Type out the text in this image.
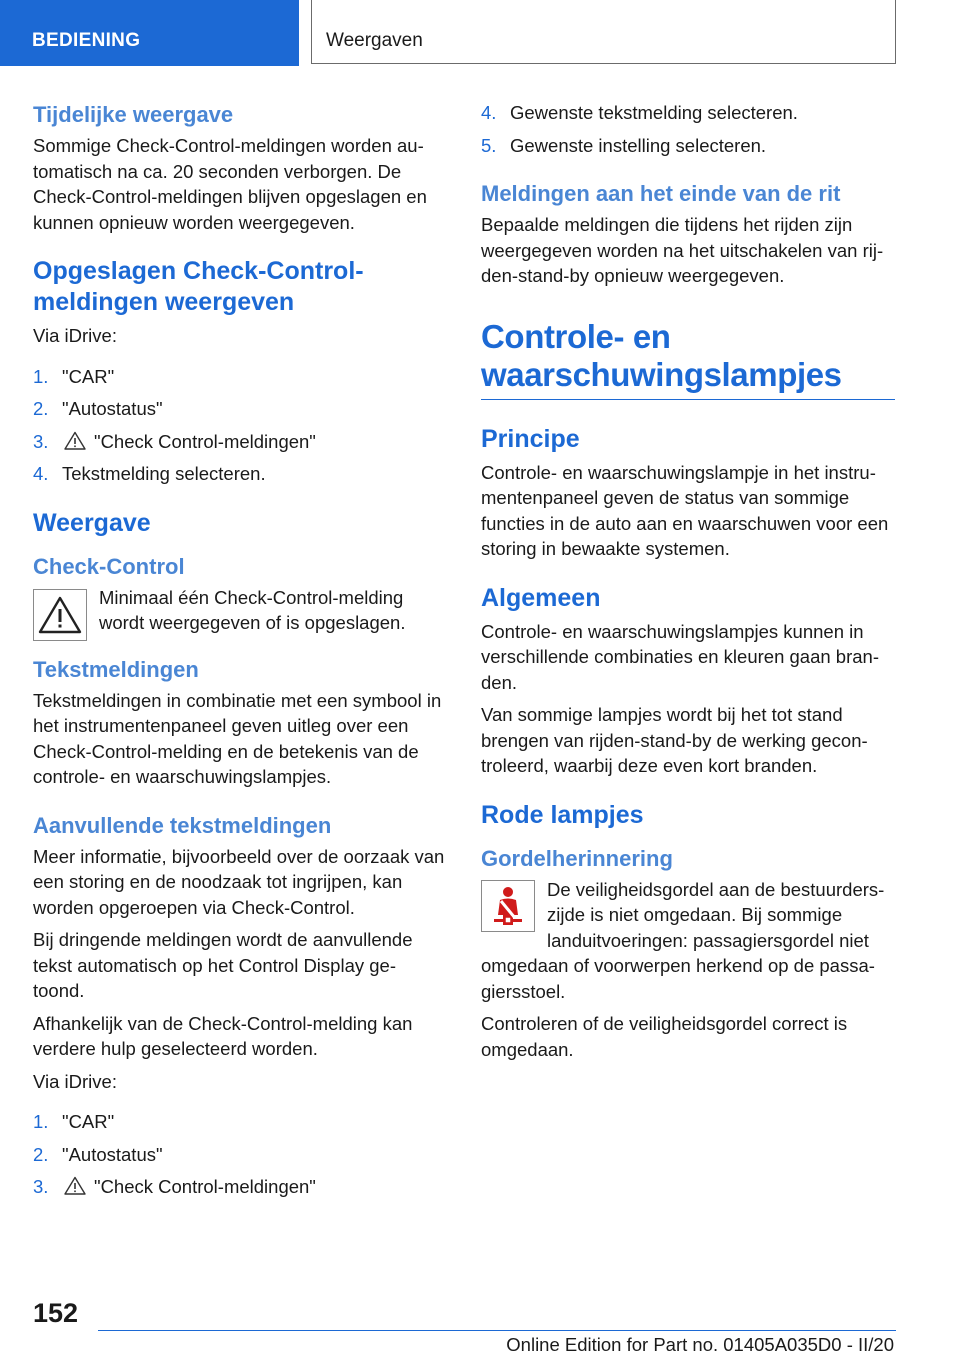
BEDIENING	Weergaven
Tijdelijke weergave

Sommige Check-Control-meldingen worden au-tomatisch na ca. 20 seconden verborgen. De Check-Control-meldingen blijven opgeslagen en kunnen opnieuw worden weergegeven.

Opgeslagen Check-Control-meldingen weergeven

Via iDrive:

1. "CAR"
2. "Autostatus"
3. "Check Control-meldingen"
4. Tekstmelding selecteren.
Weergave
Check-Control

Minimaal één Check-Control-melding wordt weergegeven of is opgeslagen.

Tekstmeldingen

Tekstmeldingen in combinatie met een symbool in het instrumentenpaneel geven uitleg over een Check-Control-melding en de betekenis van de controle- en waarschuwingslampjes.

Aanvullende tekstmeldingen

Meer informatie, bijvoorbeeld over de oorzaak van een storing en de noodzaak tot ingrijpen, kan worden opgeroepen via Check-Control.

Bij dringende meldingen wordt de aanvullende tekst automatisch op het Control Display ge-toond.

Afhankelijk van de Check-Control-melding kan verdere hulp geselecteerd worden.

Via iDrive:

1. "CAR"
2. "Autostatus"
3. "Check Control-meldingen"
4. Gewenste tekstmelding selecteren.
5. Gewenste instelling selecteren.
Meldingen aan het einde van de rit

Bepaalde meldingen die tijdens het rijden zijn weergegeven worden na het uitschakelen van rij-den-stand-by opnieuw weergegeven.

Controle- en waarschuwingslampjes
Principe

Controle- en waarschuwingslampje in het instru-mentenpaneel geven de status van sommige functies in de auto aan en waarschuwen voor een storing in bewaakte systemen.

Algemeen

Controle- en waarschuwingslampjes kunnen in verschillende combinaties en kleuren gaan bran-den.

Van sommige lampjes wordt bij het tot stand brengen van rijden-stand-by de werking gecon-troleerd, waarbij deze even kort branden.

Rode lampjes
Gordelherinnering

De veiligheidsgordel aan de bestuurders-
zijde is niet omgedaan. Bij sommige
landuitvoeringen: passagiersgordel niet
omgedaan of voorwerpen herkend op de passa-giersstoel.

Controleren of de veiligheidsgordel correct is omgedaan.

152
Online Edition for Part no. 01405A035D0 - II/20
